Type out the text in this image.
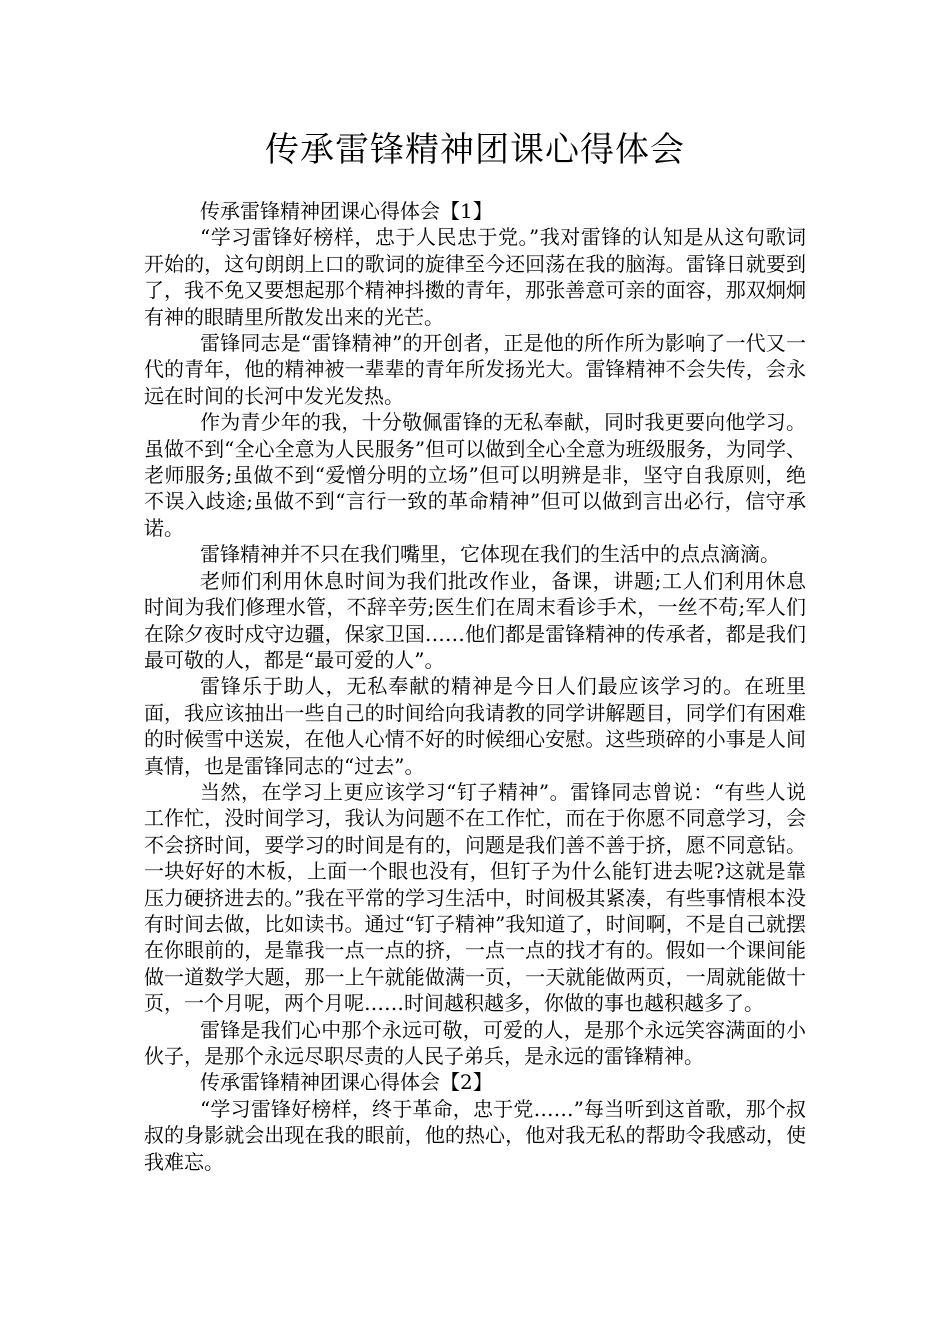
传承雷锋精神团课心得体会

传承雷锋精神团课心得体会【1】

“学习雷锋好榜样，忠于人民忠于党。”我对雷锋的认知是从这句歌词开始的，这句朗朗上口的歌词的旋律至今还回荡在我的脑海。雷锋日就要到了，我不免又要想起那个精神抖擞的青年，那张善意可亲的面容，那双炯炯有神的眼睛里所散发出来的光芒。

雷锋同志是“雷锋精神”的开创者，正是他的所作所为影响了一代又一代的青年，他的精神被一辈辈的青年所发扬光大。雷锋精神不会失传，会永远在时间的长河中发光发热。

作为青少年的我，十分敬佩雷锋的无私奉献，同时我更要向他学习。虽做不到“全心全意为人民服务”但可以做到全心全意为班级服务，为同学、老师服务;虽做不到“爱憎分明的立场”但可以明辨是非，坚守自我原则，绝不误入歧途;虽做不到“言行一致的革命精神”但可以做到言出必行，信守承诺。

雷锋精神并不只在我们嘴里，它体现在我们的生活中的点点滴滴。

老师们利用休息时间为我们批改作业，备课，讲题;工人们利用休息时间为我们修理水管，不辞辛劳;医生们在周末看诊手术，一丝不苟;军人们在除夕夜时戍守边疆，保家卫国……他们都是雷锋精神的传承者，都是我们最可敬的人，都是“最可爱的人”。

雷锋乐于助人，无私奉献的精神是今日人们最应该学习的。在班里面，我应该抽出一些自己的时间给向我请教的同学讲解题目，同学们有困难的时候雪中送炭，在他人心情不好的时候细心安慰。这些琐碎的小事是人间真情，也是雷锋同志的“过去”。

当然，在学习上更应该学习“钉子精神”。雷锋同志曾说：“有些人说工作忙，没时间学习，我认为问题不在工作忙，而在于你愿不同意学习，会不会挤时间，要学习的时间是有的，问题是我们善不善于挤，愿不同意钻。一块好好的木板，上面一个眼也没有，但钉子为什么能钉进去呢?这就是靠压力硬挤进去的。”我在平常的学习生活中，时间极其紧凑，有些事情根本没有时间去做，比如读书。通过“钉子精神”我知道了，时间啊，不是自己就摆在你眼前的，是靠我一点一点的挤，一点一点的找才有的。假如一个课间能做一道数学大题，那一上午就能做满一页，一天就能做两页，一周就能做十页，一个月呢，两个月呢……时间越积越多，你做的事也越积越多了。

雷锋是我们心中那个永远可敬，可爱的人，是那个永远笑容满面的小伙子，是那个永远尽职尽责的人民子弟兵，是永远的雷锋精神。

传承雷锋精神团课心得体会【2】

“学习雷锋好榜样，终于革命，忠于党……”每当听到这首歌，那个叔叔的身影就会出现在我的眼前，他的热心，他对我无私的帮助令我感动，使我难忘。
